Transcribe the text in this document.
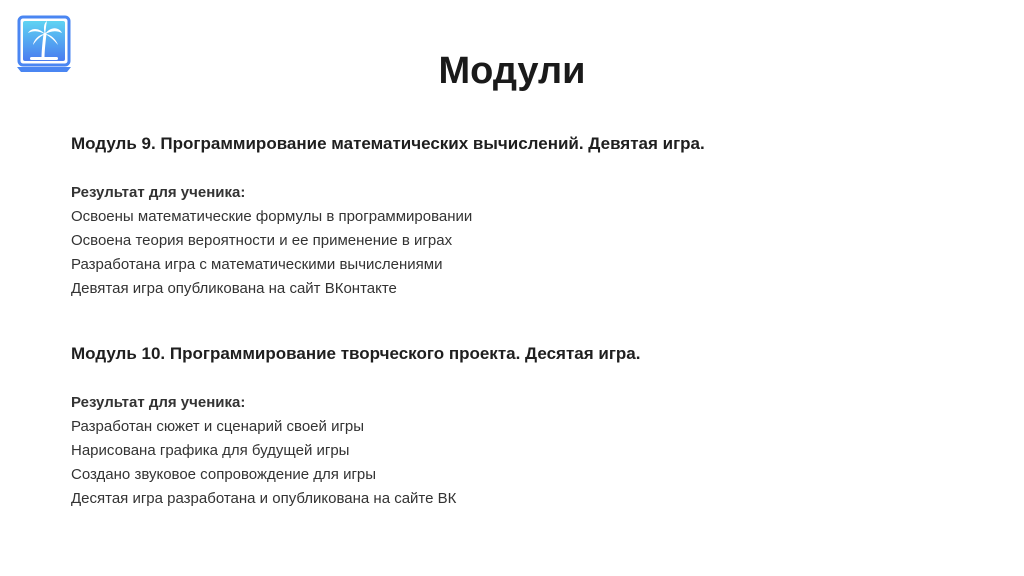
Модули

Модуль 9. Программирование математических вычислений. Девятая игра.

Результат для ученика:

Освоены математические формулы в программировании
Освоена теория вероятности и ее применение в играх
Разработана игра с математическими вычислениями
Девятая игра опубликована на сайт ВКонтакте

Модуль 10. Программирование творческого проекта. Десятая игра.

Результат для ученика:

Разработан сюжет и сценарий своей игры
Нарисована графика для будущей игры
Создано звуковое сопровождение для игры
Десятая игра разработана и опубликована на сайте ВК
